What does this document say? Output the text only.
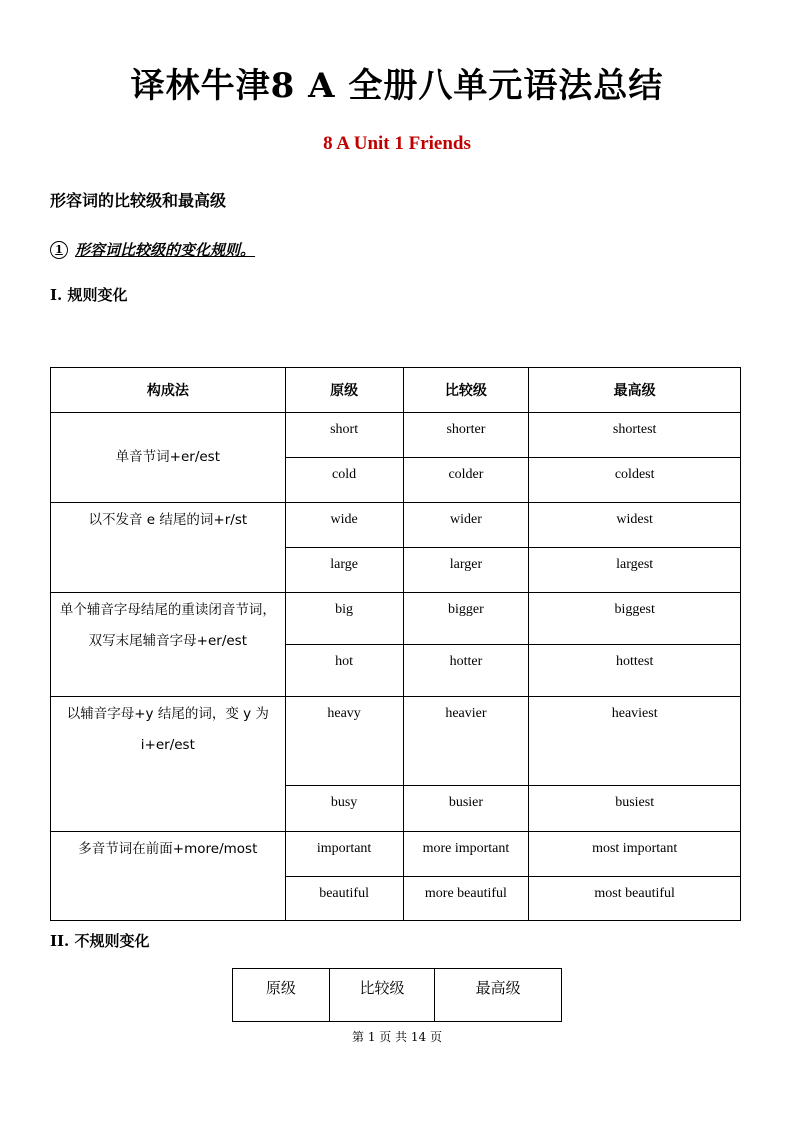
译林牛津8 A 全册八单元语法总结
8 A Unit 1 Friends
形容词的比较级和最高级
1 形容词比较级的变化规则。
I. 规则变化
构成法	原级	比较级	最高级
单音节词+er/est	short	shorter	shortest
	cold	colder	coldest
以不发音 e 结尾的词+r/st	wide	wider	widest
	large	larger	largest
单个辅音字母结尾的重读闭音节词，双写末尾辅音字母+er/est	big	bigger	biggest
	hot	hotter	hottest
以辅音字母+y 结尾的词，变 y 为 i+er/est	heavy	heavier	heaviest
	busy	busier	busiest
多音节词在前面+more/most	important	more important	most important
	beautiful	more beautiful	most beautiful
II. 不规则变化
原级	比较级	最高级
第 1 页 共 14 页
